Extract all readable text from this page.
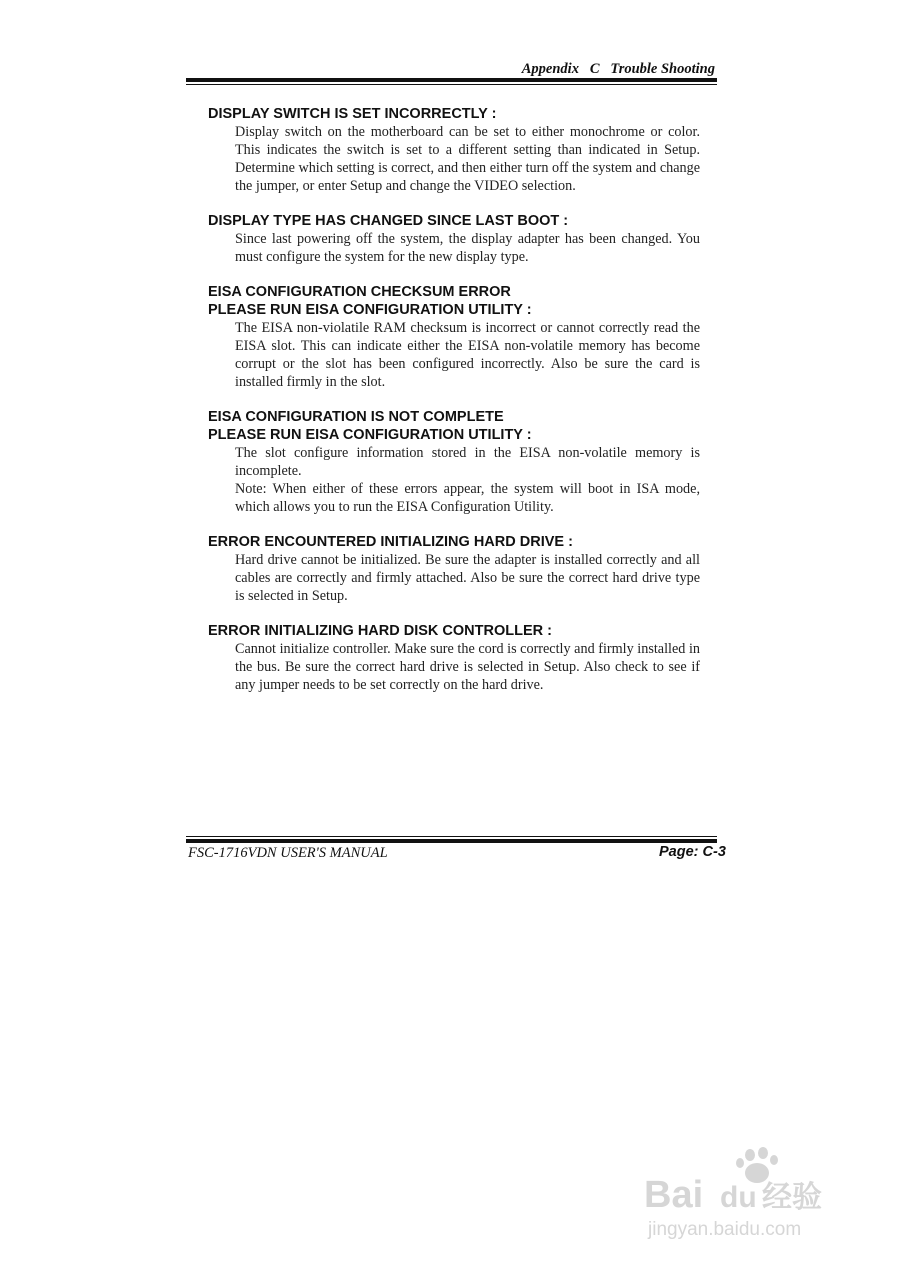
Appendix   C   Trouble Shooting

DISPLAY SWITCH IS SET INCORRECTLY :

Display switch on the motherboard can be set to either monochrome or color. This indicates the switch is set to a different setting than indicated in Setup. Determine which setting is correct, and then either turn off the system and change the jumper, or enter Setup and change the VIDEO selection.

DISPLAY TYPE HAS CHANGED SINCE LAST BOOT :

Since last powering off the system, the display adapter has been changed. You must configure the system for the new display type.

EISA CONFIGURATION CHECKSUM ERROR

PLEASE RUN EISA CONFIGURATION UTILITY :

The EISA non-violatile RAM checksum is incorrect or cannot correctly read the EISA slot. This can indicate either the EISA non-volatile memory has become corrupt or the slot has been configured incorrectly. Also be sure the card is installed firmly in the slot.

EISA CONFIGURATION IS NOT COMPLETE

PLEASE RUN EISA CONFIGURATION UTILITY :

The slot configure information stored in the EISA non-volatile memory is incomplete.

Note: When either of these errors appear, the system will boot in ISA mode, which allows you to run the EISA Configuration Utility.

ERROR ENCOUNTERED INITIALIZING HARD DRIVE :

Hard drive cannot be initialized. Be sure the adapter is installed correctly and all cables are correctly and firmly attached. Also be sure the correct hard drive type is selected in Setup.

ERROR INITIALIZING HARD DISK CONTROLLER :

Cannot initialize controller. Make sure the cord is correctly and firmly installed in the bus. Be sure the correct hard drive is selected in Setup. Also check to see if any jumper needs to be set correctly on the hard drive.

FSC-1716VDN USER'S MANUAL	Page: C-3
Bai du 经验
jingyan.baidu.com
